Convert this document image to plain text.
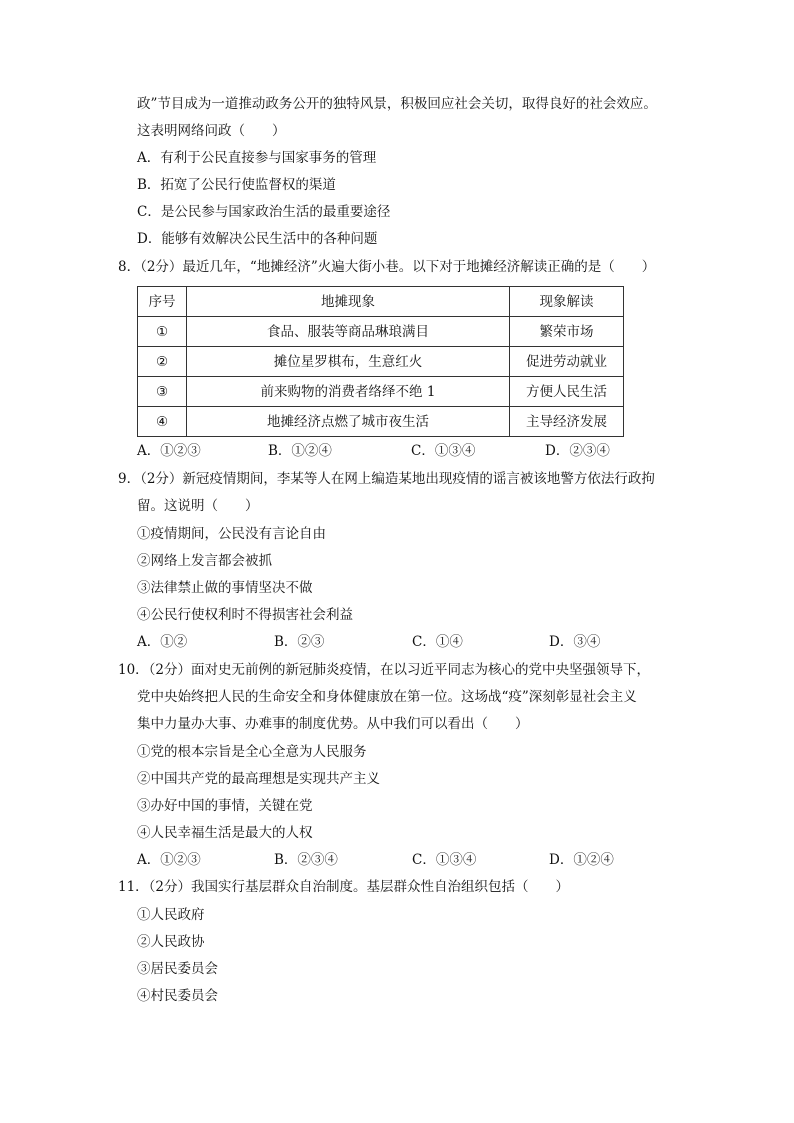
政”节目成为一道推动政务公开的独特风景，积极回应社会关切，取得良好的社会效应。
这表明网络问政（　　）
A．有利于公民直接参与国家事务的管理
B．拓宽了公民行使监督权的渠道
C．是公民参与国家政治生活的最重要途径
D．能够有效解决公民生活中的各种问题
8．（2分）最近几年，“地摊经济”火遍大街小巷。以下对于地摊经济解读正确的是（　　）
序号	地摊现象	现象解读
①	食品、服装等商品琳琅满目	繁荣市场
②	摊位星罗棋布，生意红火	促进劳动就业
③	前来购物的消费者络绎不绝 1	方便人民生活
④	地摊经济点燃了城市夜生活	主导经济发展
A．①②③	B．①②④	C．①③④	D．②③④
9．（2分）新冠疫情期间，李某等人在网上编造某地出现疫情的谣言被该地警方依法行政拘
留。这说明（　　）
①疫情期间，公民没有言论自由
②网络上发言都会被抓
③法律禁止做的事情坚决不做
④公民行使权利时不得损害社会利益
A．①②	B．②③	C．①④	D．③④
10．（2分）面对史无前例的新冠肺炎疫情，在以习近平同志为核心的党中央坚强领导下，
党中央始终把人民的生命安全和身体健康放在第一位。这场战“疫”深刻彰显社会主义
集中力量办大事、办难事的制度优势。从中我们可以看出（　　）
①党的根本宗旨是全心全意为人民服务
②中国共产党的最高理想是实现共产主义
③办好中国的事情，关键在党
④人民幸福生活是最大的人权
A．①②③	B．②③④	C．①③④	D．①②④
11．（2分）我国实行基层群众自治制度。基层群众性自治组织包括（　　）
①人民政府
②人民政协
③居民委员会
④村民委员会
